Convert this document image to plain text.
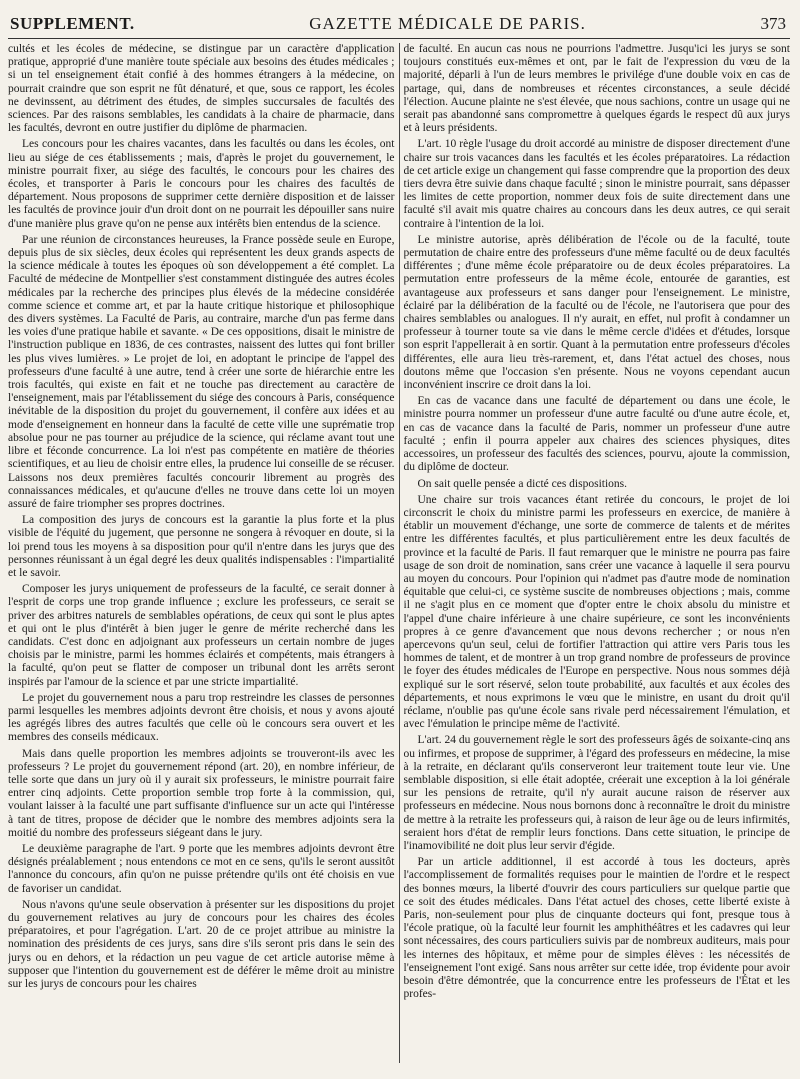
SUPPLEMENT.	GAZETTE MÉDICALE DE PARIS.	373

cultés et les écoles de médecine, se distingue par un caractère d'application pratique, approprié d'une manière toute spéciale aux besoins des études médicales ; si un tel enseignement était confié à des hommes étrangers à la médecine, on pourrait craindre que son esprit ne fût dénaturé, et que, sous ce rapport, les écoles ne devinssent, au détriment des études, de simples succursales de facultés des sciences. Par des raisons semblables, les candidats à la chaire de pharmacie, dans les facultés, devront en outre justifier du diplôme de pharmacien.

Les concours pour les chaires vacantes, dans les facultés ou dans les écoles, ont lieu au siége de ces établissements ; mais, d'après le projet du gouvernement, le ministre pourrait fixer, au siége des facultés, le concours pour les chaires des écoles, et transporter à Paris le concours pour les chaires des facultés de département. Nous proposons de supprimer cette dernière disposition et de laisser les facultés de province jouir d'un droit dont on ne pourrait les dépouiller sans nuire d'une manière plus grave qu'on ne pense aux intérêts bien entendus de la science.

Par une réunion de circonstances heureuses, la France possède seule en Europe, depuis plus de six siècles, deux écoles qui représentent les deux grands aspects de la science médicale à toutes les époques où son développement a été complet. La Faculté de médecine de Montpellier s'est constamment distinguée des autres écoles médicales par la recherche des principes plus élevés de la médecine considérée comme science et comme art, et par la haute critique historique et philosophique des divers systèmes. La Faculté de Paris, au contraire, marche d'un pas ferme dans les voies d'une pratique habile et savante. « De ces oppositions, disait le ministre de l'instruction publique en 1836, de ces contrastes, naissent des luttes qui font briller les plus vives lumières. » Le projet de loi, en adoptant le principe de l'appel des professeurs d'une faculté à une autre, tend à créer une sorte de hiérarchie entre les trois facultés, qui existe en fait et ne touche pas directement au caractère de l'enseignement, mais par l'établissement du siége des concours à Paris, conséquence inévitable de la disposition du projet du gouvernement, il confère aux idées et au mode d'enseignement en honneur dans la faculté de cette ville une suprématie trop absolue pour ne pas tourner au préjudice de la science, qui réclame avant tout une libre et féconde concurrence. La loi n'est pas compétente en matière de théories scientifiques, et au lieu de choisir entre elles, la prudence lui conseille de se récuser. Laissons nos deux premières facultés concourir librement au progrès des connaissances médicales, et qu'aucune d'elles ne trouve dans cette loi un moyen assuré de faire triompher ses propres doctrines.

La composition des jurys de concours est la garantie la plus forte et la plus visible de l'équité du jugement, que personne ne songera à révoquer en doute, si la loi prend tous les moyens à sa disposition pour qu'il n'entre dans les jurys que des personnes réunissant à un égal degré les deux qualités indispensables : l'impartialité et le savoir.

Composer les jurys uniquement de professeurs de la faculté, ce serait donner à l'esprit de corps une trop grande influence ; exclure les professeurs, ce serait se priver des arbitres naturels de semblables opérations, de ceux qui sont le plus aptes et qui ont le plus d'intérêt à bien juger le genre de mérite recherché dans les candidats. C'est donc en adjoignant aux professeurs un certain nombre de juges choisis par le ministre, parmi les hommes éclairés et compétents, mais étrangers à la faculté, qu'on peut se flatter de composer un tribunal dont les arrêts seront inspirés par l'amour de la science et par une stricte impartialité.

Le projet du gouvernement nous a paru trop restreindre les classes de personnes parmi lesquelles les membres adjoints devront être choisis, et nous y avons ajouté les agrégés libres des autres facultés que celle où le concours sera ouvert et les membres des conseils médicaux.

Mais dans quelle proportion les membres adjoints se trouveront-ils avec les professeurs ? Le projet du gouvernement répond (art. 20), en nombre inférieur, de telle sorte que dans un jury où il y aurait six professeurs, le ministre pourrait faire entrer cinq adjoints. Cette proportion semble trop forte à la commission, qui, voulant laisser à la faculté une part suffisante d'influence sur un acte qui l'intéresse à tant de titres, propose de décider que le nombre des membres adjoints sera la moitié du nombre des professeurs siégeant dans le jury.

Le deuxième paragraphe de l'art. 9 porte que les membres adjoints devront être désignés préalablement ; nous entendons ce mot en ce sens, qu'ils le seront aussitôt l'annonce du concours, afin qu'on ne puisse prétendre qu'ils ont été choisis en vue de favoriser un candidat.

Nous n'avons qu'une seule observation à présenter sur les dispositions du projet du gouvernement relatives au jury de concours pour les chaires des écoles préparatoires, et pour l'agrégation. L'art. 20 de ce projet attribue au ministre la nomination des présidents de ces jurys, sans dire s'ils seront pris dans le sein des jurys ou en dehors, et la rédaction un peu vague de cet article autorise même à supposer que l'intention du gouvernement est de déférer le même droit au ministre sur les jurys de concours pour les chaires

de faculté. En aucun cas nous ne pourrions l'admettre. Jusqu'ici les jurys se sont toujours constitués eux-mêmes et ont, par le fait de l'expression du vœu de la majorité, déparli à l'un de leurs membres le privilége d'une double voix en cas de partage, qui, dans de nombreuses et récentes circonstances, a seule décidé l'élection. Aucune plainte ne s'est élevée, que nous sachions, contre un usage qui ne serait pas abandonné sans compromettre à quelques égards le respect dû aux jurys et à leurs présidents.

L'art. 10 règle l'usage du droit accordé au ministre de disposer directement d'une chaire sur trois vacances dans les facultés et les écoles préparatoires. La rédaction de cet article exige un changement qui fasse comprendre que la proportion des deux tiers devra être suivie dans chaque faculté ; sinon le ministre pourrait, sans dépasser les limites de cette proportion, nommer deux fois de suite directement dans une faculté s'il avait mis quatre chaires au concours dans les deux autres, ce qui serait contraire à l'intention de la loi.

Le ministre autorise, après délibération de l'école ou de la faculté, toute permutation de chaire entre des professeurs d'une même faculté ou de deux facultés différentes ; d'une même école préparatoire ou de deux écoles préparatoires. La permutation entre professeurs de la même école, entourée de garanties, est avantageuse aux professeurs et sans danger pour l'enseignement. Le ministre, éclairé par la délibération de la faculté ou de l'école, ne l'autorisera que pour des chaires semblables ou analogues. Il n'y aurait, en effet, nul profit à condamner un professeur à tourner toute sa vie dans le même cercle d'idées et d'études, lorsque son esprit l'appellerait à en sortir. Quant à la permutation entre professeurs d'écoles différentes, elle aura lieu très-rarement, et, dans l'état actuel des choses, nous doutons même que l'occasion s'en présente. Nous ne voyons cependant aucun inconvénient inscrire ce droit dans la loi.

En cas de vacance dans une faculté de département ou dans une école, le ministre pourra nommer un professeur d'une autre faculté ou d'une autre école, et, en cas de vacance dans la faculté de Paris, nommer un professeur d'une autre faculté ; enfin il pourra appeler aux chaires des sciences physiques, dites accessoires, un professeur des facultés des sciences, pourvu, ajoute la commission, du diplôme de docteur.

On sait quelle pensée a dicté ces dispositions.

Une chaire sur trois vacances étant retirée du concours, le projet de loi circonscrit le choix du ministre parmi les professeurs en exercice, de manière à établir un mouvement d'échange, une sorte de commerce de talents et de mérites entre les différentes facultés, et plus particulièrement entre les deux facultés de province et la faculté de Paris. Il faut remarquer que le ministre ne pourra pas faire usage de son droit de nomination, sans créer une vacance à laquelle il sera pourvu au moyen du concours. Pour l'opinion qui n'admet pas d'autre mode de nomination équitable que celui-ci, ce système suscite de nombreuses objections ; mais, comme il ne s'agit plus en ce moment que d'opter entre le choix absolu du ministre et l'appel d'une chaire inférieure à une chaire supérieure, ce sont les inconvénients propres à ce genre d'avancement que nous devons rechercher ; or nous n'en apercevons qu'un seul, celui de fortifier l'attraction qui attire vers Paris tous les hommes de talent, et de montrer à un trop grand nombre de professeurs de province le foyer des études médicales de l'Europe en perspective. Nous nous sommes déjà expliqué sur le sort réservé, selon toute probabilité, aux facultés et aux écoles des départements, et nous exprimons le vœu que le ministre, en usant du droit qu'il réclame, n'oublie pas qu'une école sans rivale perd nécessairement l'émulation, et avec l'émulation le principe même de l'activité.

L'art. 24 du gouvernement règle le sort des professeurs âgés de soixante-cinq ans ou infirmes, et propose de supprimer, à l'égard des professeurs en médecine, la mise à la retraite, en déclarant qu'ils conserveront leur traitement toute leur vie. Une semblable disposition, si elle était adoptée, créerait une exception à la loi générale sur les pensions de retraite, qu'il n'y aurait aucune raison de réserver aux professeurs en médecine. Nous nous bornons donc à reconnaître le droit du ministre de mettre à la retraite les professeurs qui, à raison de leur âge ou de leurs infirmités, seraient hors d'état de remplir leurs fonctions. Dans cette situation, le principe de l'inamovibilité ne doit plus leur servir d'égide.

Par un article additionnel, il est accordé à tous les docteurs, après l'accomplissement de formalités requises pour le maintien de l'ordre et le respect des bonnes mœurs, la liberté d'ouvrir des cours particuliers sur quelque partie que ce soit des études médicales. Dans l'état actuel des choses, cette liberté existe à Paris, non-seulement pour plus de cinquante docteurs qui font, presque tous à l'école pratique, où la faculté leur fournit les amphithéâtres et les cadavres qui leur sont nécessaires, des cours particuliers suivis par de nombreux auditeurs, mais pour les internes des hôpitaux, et même pour de simples élèves : les nécessités de l'enseignement l'ont exigé. Sans nous arrêter sur cette idée, trop évidente pour avoir besoin d'être démontrée, que la concurrence entre les professeurs de l'État et les profes-
